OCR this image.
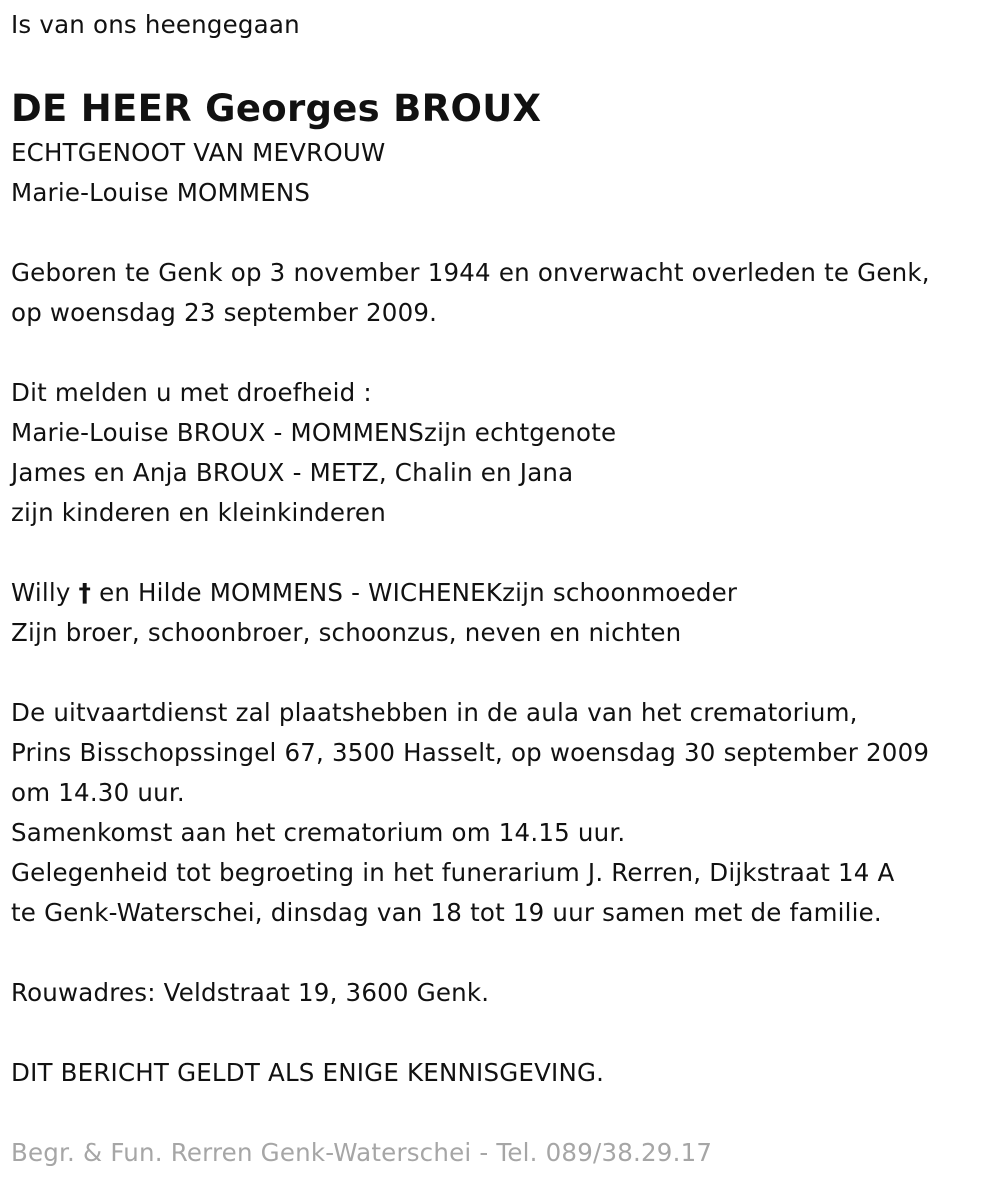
Is van ons heengegaan
DE HEER Georges BROUX
ECHTGENOOT VAN MEVROUW
Marie-Louise MOMMENS
Geboren te Genk op 3 november 1944 en onverwacht overleden te Genk,
op woensdag 23 september 2009.
Dit melden u met droefheid :
Marie-Louise BROUX - MOMMENSzijn echtgenote
James en Anja BROUX - METZ, Chalin en Jana
zijn kinderen en kleinkinderen
Willy † en Hilde MOMMENS - WICHENEKzijn schoonmoeder
Zijn broer, schoonbroer, schoonzus, neven en nichten
De uitvaartdienst zal plaatshebben in de aula van het crematorium,
Prins Bisschopssingel 67, 3500 Hasselt, op woensdag 30 september 2009
om 14.30 uur.
Samenkomst aan het crematorium om 14.15 uur.
Gelegenheid tot begroeting in het funerarium J. Rerren, Dijkstraat 14 A
te Genk-Waterschei, dinsdag van 18 tot 19 uur samen met de familie.
Rouwadres: Veldstraat 19, 3600 Genk.
DIT BERICHT GELDT ALS ENIGE KENNISGEVING.
Begr. & Fun. Rerren Genk-Waterschei - Tel. 089/38.29.17
